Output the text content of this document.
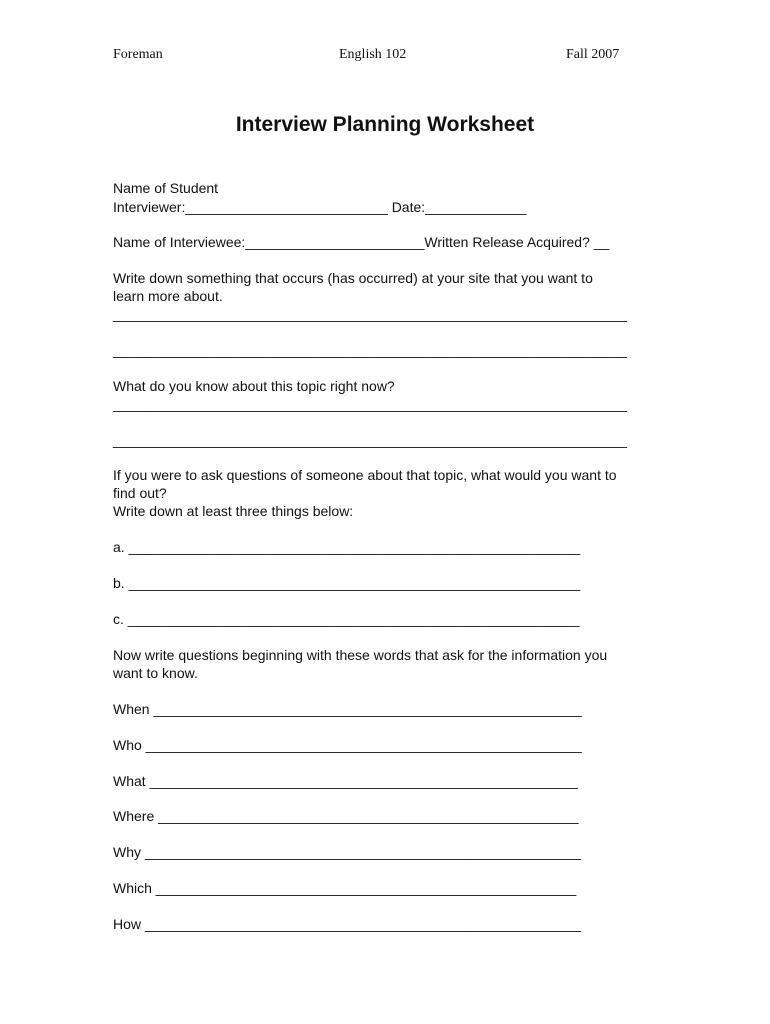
Foreman	English 102	Fall 2007
Interview Planning Worksheet
Name of Student
Interviewer:__________________________ Date:_____________
Name of Interviewee:_______________________Written Release Acquired? __
Write down something that occurs (has occurred) at your site that you want to
learn more about.
__________________________________________________________________
__________________________________________________________________
What do you know about this topic right now?
__________________________________________________________________
__________________________________________________________________
If you were to ask questions of someone about that topic, what would you want to
find out?
Write down at least three things below:
a. __________________________________________________________
b. __________________________________________________________
c. __________________________________________________________
Now write questions beginning with these words that ask for the information you
want to know.
When _______________________________________________________
Who ________________________________________________________
What _______________________________________________________
Where ______________________________________________________
Why ________________________________________________________
Which ______________________________________________________
How ________________________________________________________
